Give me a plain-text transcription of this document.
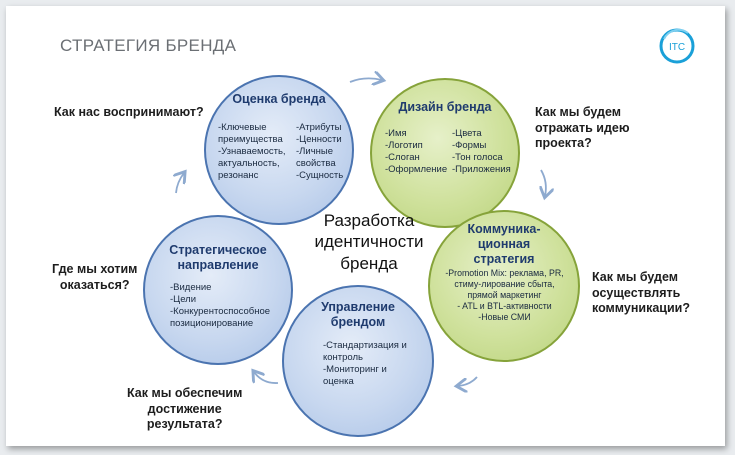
СТРАТЕГИЯ БРЕНДА	ITC
Как нас воспринимают?	Как мы будем
отражать идею
проекта?
Как мы будем
осуществлять
коммуникации?
Как мы обеспечим
достижение
результата?
Где мы хотим
оказаться?
Оценка бренда
-Ключевые
преимущества
-Узнаваемость,
актуальность,
резонанс
-Атрибуты
-Ценности
-Личные
свойства
-Сущность
Дизайн бренда
-Имя
-Логотип
-Слоган
-Оформление
-Цвета
-Формы
-Тон голоса
-Приложения
Коммуника-
ционная
стратегия
-Promotion Mix: реклама, PR,
стиму-лирование сбыта,
прямой маркетинг
- ATL и BTL-активности
-Новые СМИ
Управление
брендом
-Стандартизация и
контроль
-Мониторинг и
оценка
Стратегическое
направление
-Видение
-Цели
-Конкурентоспособное
позиционирование
Разработка
идентичности
бренда
